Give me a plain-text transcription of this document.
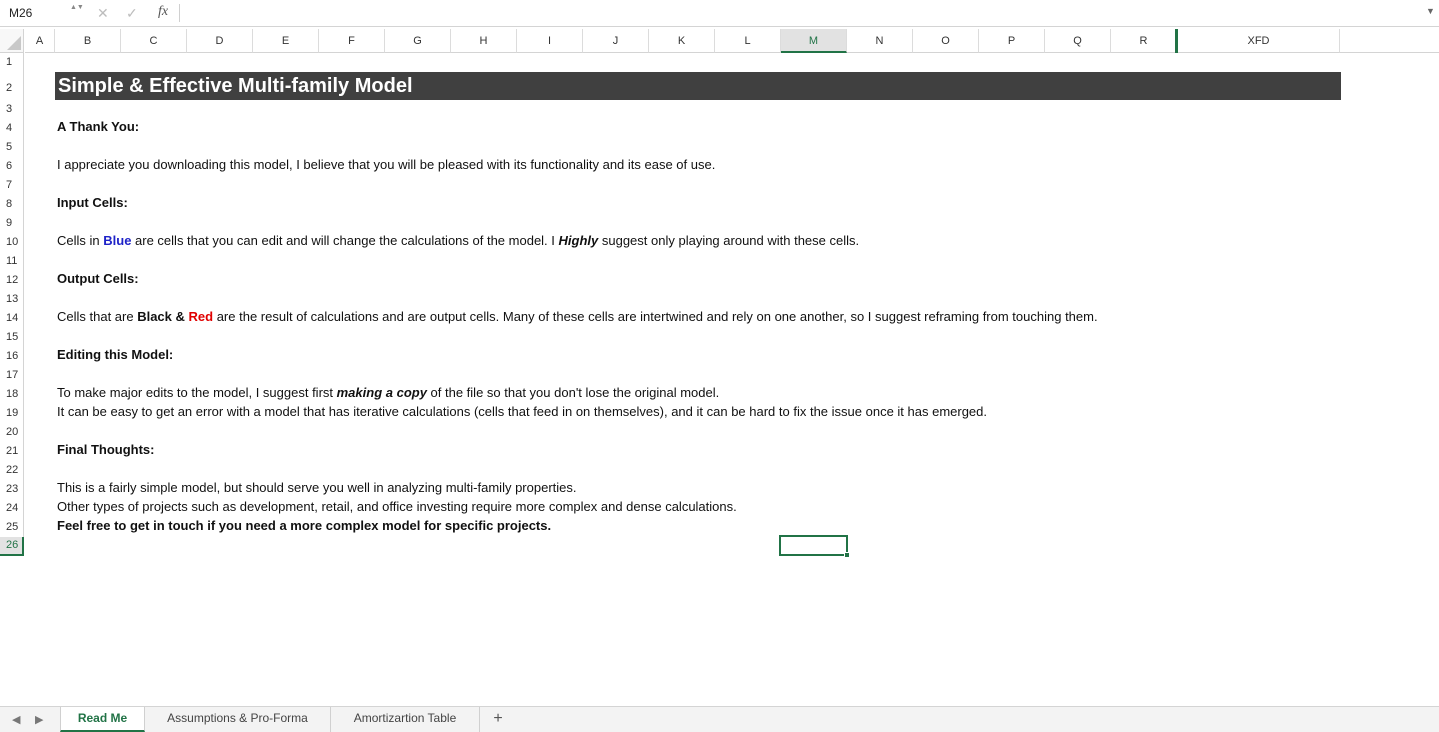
M26	▲▼ ✕ ✓ fx	▼
A	B	C	D	E	F	G	H	I	J	K	L	M	N	O	P	Q	R	XFD
1
2
3
4
5
6
7
8
9
10
11
12
13
14
15
16
17
18
19
20
21
22
23
24
25
26
Simple & Effective Multi-family Model
A Thank You:
I appreciate you downloading this model, I believe that you will be pleased with its functionality and its ease of use.
Input Cells:
Cells in Blue are cells that you can edit and will change the calculations of the model. I Highly suggest only playing around with these cells.
Output Cells:
Cells that are Black & Red are the result of calculations and are output cells. Many of these cells are intertwined and rely on one another, so I suggest reframing from touching them.
Editing this Model:
To make major edits to the model, I suggest first making a copy of the file so that you don't lose the original model.
It can be easy to get an error with a model that has iterative calculations (cells that feed in on themselves), and it can be hard to fix the issue once it has emerged.
Final Thoughts:
This is a fairly simple model, but should serve you well in analyzing multi-family properties.
Other types of projects such as development, retail, and office investing require more complex and dense calculations.
Feel free to get in touch if you need a more complex model for specific projects.
◀ ▶	Read Me	Assumptions & Pro-Forma	Amortizartion Table	+
